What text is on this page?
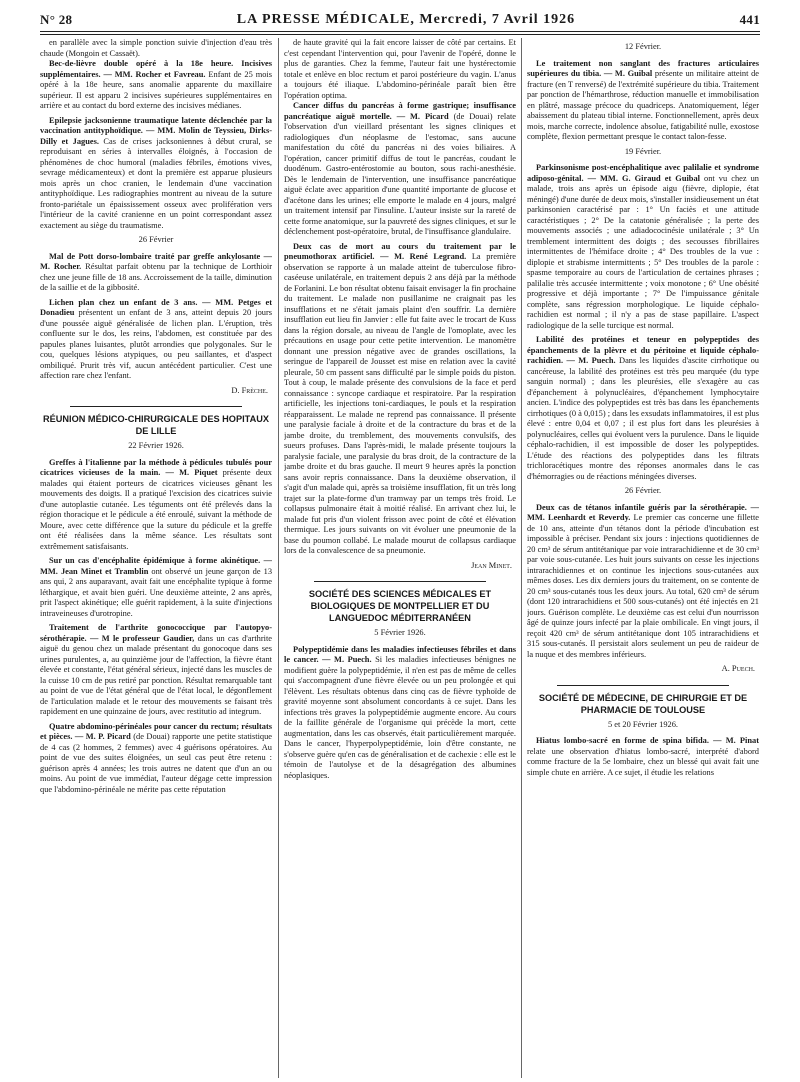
N° 28	LA PRESSE MÉDICALE, Mercredi, 7 Avril 1926	441

en parallèle avec la simple ponction suivie d'injection d'eau très chaude (Mongoin et Cassaët).

Bec-de-lièvre double opéré à la 18e heure. Incisives supplémentaires. — MM. Rocher et Favreau. Enfant de 25 mois opéré à la 18e heure, sans anomalie apparente du maxillaire supérieur. Il est apparu 2 incisives supérieures supplémentaires en arrière et au contact du bord externe des incisives médianes.

Epilepsie jacksonienne traumatique latente déclenchée par la vaccination antityphoïdique. — MM. Molin de Teyssieu, Dirks-Dilly et Jagues. Cas de crises jacksoniennes à début crural, se reproduisant en séries à intervalles éloignés, à l'occasion de phénomènes de choc humoral (maladies fébriles, émotions vives, sevrage médicamenteux) et dont la première est apparue plusieurs mois après un choc cranien, le lendemain d'une vaccination antityphoïdique. Les radiographies montrent au niveau de la suture fronto-pariétale un épaississement osseux avec prolifération vers l'intérieur de la cavité cranienne en un point correspondant assez exactement au siège du traumatisme.

26 Février

Mal de Pott dorso-lombaire traité par greffe ankylosante — M. Rocher. Résultat parfait obtenu par la technique de Lorthioir chez une jeune fille de 18 ans. Accroissement de la taille, diminution de la saillie et de la gibbosité.

Lichen plan chez un enfant de 3 ans. — MM. Petges et Donadieu présentent un enfant de 3 ans, atteint depuis 20 jours d'une poussée aiguë généralisée de lichen plan. L'éruption, très confluente sur le dos, les reins, l'abdomen, est constituée par des papules planes luisantes, plutôt arrondies que polygonales. Sur le cou, quelques lésions atypiques, ou peu saillantes, et d'aspect ombiliqué. Prurit très vif, aucun antécédent particulier. C'est une affection rare chez l'enfant.

D. Frèche.

RÉUNION MÉDICO-CHIRURGICALE DES HOPITAUX DE LILLE

22 Février 1926.

Greffes à l'italienne par la méthode à pédicules tubulés pour cicatrices vicieuses de la main. — M. Piquet présente deux malades qui étaient porteurs de cicatrices vicieuses gênant les mouvements des doigts. Il a pratiqué l'excision des cicatrices suivie d'une autoplastie cutanée. Les téguments ont été prélevés dans la région thoracique et le pédicule a été enroulé, suivant la méthode de Moure, avec cette différence que la suture du pédicule et la greffe ont été réalisées dans la même séance. Les résultats sont extrêmement satisfaisants.

Sur un cas d'encéphalite épidémique à forme akinétique. — MM. Jean Minet et Tramblin ont observé un jeune garçon de 13 ans qui, 2 ans auparavant, avait fait une encéphalite typique à forme léthargique, et avait bien guéri. Une deuxième atteinte, 2 ans après, prit l'aspect akinétique; elle guérit rapidement, à la suite d'injections intraveineuses d'urotropine.

Traitement de l'arthrite gonococcique par l'autopyo-sérothérapie. — M le professeur Gaudier, dans un cas d'arthrite aiguë du genou chez un malade présentant du gonocoque dans ses urines purulentes, a, au quinzième jour de l'affection, la fièvre étant élevée et constante, l'état général sérieux, injecté dans les muscles de la cuisse 10 cm de pus retiré par ponction. Résultat remarquable tant au point de vue de l'état général que de l'état local, le dégonflement de l'articulation malade et le retour des mouvements se faisant très rapidement en une quinzaine de jours, avec restitutio ad integrum.

Quatre abdomino-périnéales pour cancer du rectum; résultats et pièces. — M. P. Picard (de Douai) rapporte une petite statistique de 4 cas (2 hommes, 2 femmes) avec 4 guérisons opératoires. Au point de vue des suites éloignées, un seul cas peut être retenu : guérison après 4 années; les trois autres ne datent que d'un an ou moins. Au point de vue immédiat, l'auteur dégage cette impression que l'abdomino-périnéale ne mérite pas cette réputation

de haute gravité qui la fait encore laisser de côté par certains. Et c'est cependant l'intervention qui, pour l'avenir de l'opéré, donne le plus de garanties. Chez la femme, l'auteur fait une hystérectomie totale et enlève en bloc rectum et paroi postérieure du vagin. L'anus a toujours été iliaque. L'abdomino-périnéale paraît bien être l'opération optima.

Cancer diffus du pancréas à forme gastrique; insuffisance pancréatique aiguë mortelle. — M. Picard (de Douai) relate l'observation d'un vieillard présentant les signes cliniques et radiologiques d'un néoplasme de l'estomac, sans aucune manifestation du côté du pancréas ni des voies biliaires. A l'opération, cancer primitif diffus de tout le pancréas, coudant le duodénum. Gastro-entérostomie au bouton, sous rachi-anesthésie. Dès le lendemain de l'intervention, une insuffisance pancréatique aiguë éclate avec apparition d'une quantité importante de glucose et d'acétone dans les urines; elle emporte le malade en 4 jours, malgré un traitement intensif par l'insuline. L'auteur insiste sur la rareté de cette forme anatomique, sur la pauvreté des signes cliniques, et sur le déclenchement post-opératoire, brutal, de l'insuffisance glandulaire.

Deux cas de mort au cours du traitement par le pneumothorax artificiel. — M. René Legrand. La première observation se rapporte à un malade atteint de tuberculose fibro-caséeuse unilatérale, en traitement depuis 2 ans déjà par la méthode de Forlanini. Le bon résultat obtenu faisait envisager la fin prochaine du traitement. Le malade non pusillanime ne craignait pas les insufflations et ne s'était jamais plaint d'en souffrir. La dernière insufflation eut lieu fin Janvier : elle fut faite avec le trocart de Kuss dans la région dorsale, au niveau de l'angle de l'omoplate, avec les précautions en usage pour cette petite intervention. Le manomètre donnant une pression négative avec de grandes oscillations, la seringue de l'appareil de Jousset est mise en relation avec la cavité pleurale, 50 cm passent sans difficulté par le simple poids du piston. Tout à coup, le malade présente des convulsions de la face et perd connaissance : syncope cardiaque et respiratoire. Par la respiration artificielle, les injections toni-cardiaques, le pouls et la respiration réapparaissent. Le malade ne reprend pas connaissance. Il présente une paralysie faciale à droite et de la contracture du bras et de la jambe droite, du tremblement, des mouvements convulsifs, des sueurs profuses. Dans l'après-midi, le malade présente toujours la paralysie faciale, une paralysie du bras droit, de la contracture de la jambe droite et du bras gauche. Il meurt 9 heures après la ponction sans avoir repris connaissance. Dans la deuxième observation, il s'agit d'un malade qui, après sa troisième insufflation, fit un très long trajet sur la plate-forme d'un tramway par un temps très froid. Le collapsus pulmonaire était à moitié réalisé. En arrivant chez lui, le malade fut pris d'un violent frisson avec point de côté et élévation thermique. Les jours suivants on vit évoluer une pneumonie de la base du poumon collabé. Le malade mourut de collapsus cardiaque lors de la convalescence de sa pneumonie.

Jean Minet.

SOCIÉTÉ DES SCIENCES MÉDICALES ET BIOLOGIQUES DE MONTPELLIER ET DU LANGUEDOC MÉDITERRANÉEN

5 Février 1926.

Polypeptidémie dans les maladies infectieuses fébriles et dans le cancer. — M. Puech. Si les maladies infectieuses bénignes ne modifient guère la polypeptidémie, il n'en est pas de même de celles qui s'accompagnent d'une fièvre élevée ou un peu prolongée et qui l'élèvent. Les résultats obtenus dans cinq cas de fièvre typhoïde de gravité moyenne sont absolument concordants à ce sujet. Dans les infections très graves la polypeptidémie augmente encore. Au cours de la faillite générale de l'organisme qui précède la mort, cette augmentation, dans les cas observés, était particulièrement marquée. Dans le cancer, l'hyperpolypeptidémie, loin d'être constante, ne s'observe guère qu'en cas de généralisation et de cachexie : elle est le témoin de l'autolyse et de la désagrégation des albumines néoplasiques.

12 Février.

Le traitement non sanglant des fractures articulaires supérieures du tibia. — M. Guibal présente un militaire atteint de fracture (en T renversé) de l'extrémité supérieure du tibia. Traitement par ponction de l'hémarthrose, réduction manuelle et immobilisation en plâtré, massage précoce du quadriceps. Anatomiquement, léger abaissement du plateau tibial interne. Fonctionnellement, après deux mois, marche correcte, indolence absolue, fatigabilité nulle, exostose complète, flexion permettant presque le contact talon-fesse.

19 Février.

Parkinsonisme post-encéphalitique avec palilalie et syndrome adiposo-génital. — MM. G. Giraud et Guibal ont vu chez un malade, trois ans après un épisode aigu (fièvre, diplopie, état méningé) d'une durée de deux mois, s'installer insidieusement un état parkinsonien caractérisé par : 1° Un faciès et une attitude caractéristiques ; 2° De la catatonie généralisée ; la perte des mouvements associés ; une adiadococinésie unilatérale ; 3° Un tremblement intermittent des doigts ; des secousses fibrillaires intermittentes de l'hémiface droite ; 4° Des troubles de la vue : diplopie et strabisme intermittents ; 5° Des troubles de la parole : spasme temporaire au cours de l'articulation de certaines phrases ; palilalie très accusée intermittente ; voix monotone ; 6° Une obésité progressive et déjà importante ; 7° De l'impuissance génitale complète, sans régression morphologique. Le liquide céphalo-rachidien est normal ; il n'y a pas de stase papillaire. L'aspect radiologique de la selle turcique est normal.

Labilité des protéines et teneur en polypeptides des épanchements de la plèvre et du péritoine et liquide céphalo-rachidien. — M. Puech. Dans les liquides d'ascite cirrhotique ou cancéreuse, la labilité des protéines est très peu marquée (du type sanguin normal) ; dans les pleurésies, elle s'exagère au cas d'épanchement à polynucléaires, d'épanchement lymphocytaire ancien. L'indice des polypeptides est très bas dans les épanchements cirrhotiques (0 à 0,015) ; dans les exsudats inflammatoires, il est plus élevé : entre 0,04 et 0,07 ; il est plus fort dans les pleurésies à polynucléaires, celles qui évoluent vers la purulence. Dans le liquide céphalo-rachidien, il est impossible de doser les polypeptides. L'étude des réactions des polypeptides dans les filtrats trichloracétiques montre des réponses anormales dans le cas d'hémorragies ou de réactions méningées diverses.

26 Février.

Deux cas de tétanos infantile guéris par la sérothérapie. — MM. Leenhardt et Reverdy. Le premier cas concerne une fillette de 10 ans, atteinte d'un tétanos dont la période d'incubation est impossible à préciser. Pendant six jours : injections quotidiennes de 20 cm³ de sérum antitétanique par voie intrarachidienne et de 30 cm³ par voie sous-cutanée. Les huit jours suivants on cesse les injections intrarachidiennes et on continue les injections sous-cutanées aux mêmes doses. Les dix derniers jours du traitement, on se contente de 20 cm³ sous-cutanés tous les deux jours. Au total, 620 cm³ de sérum (dont 120 intrarachidiens et 500 sous-cutanés) ont été injectés en 21 jours. Guérison complète. Le deuxième cas est celui d'un nourrisson âgé de quinze jours infecté par la plaie ombilicale. En vingt jours, il reçoit 420 cm³ de sérum antitétanique dont 105 intrarachidiens et 315 sous-cutanés. Il persistait alors seulement un peu de raideur de la nuque et des membres inférieurs.

A. Puech.

SOCIÉTÉ DE MÉDECINE, DE CHIRURGIE ET DE PHARMACIE DE TOULOUSE

5 et 20 Février 1926.

Hiatus lombo-sacré en forme de spina bifida. — M. Pinat relate une observation d'hiatus lombo-sacré, interprété d'abord comme fracture de la 5e lombaire, chez un blessé qui avait fait une simple chute en arrière. A ce sujet, il étudie les relations
